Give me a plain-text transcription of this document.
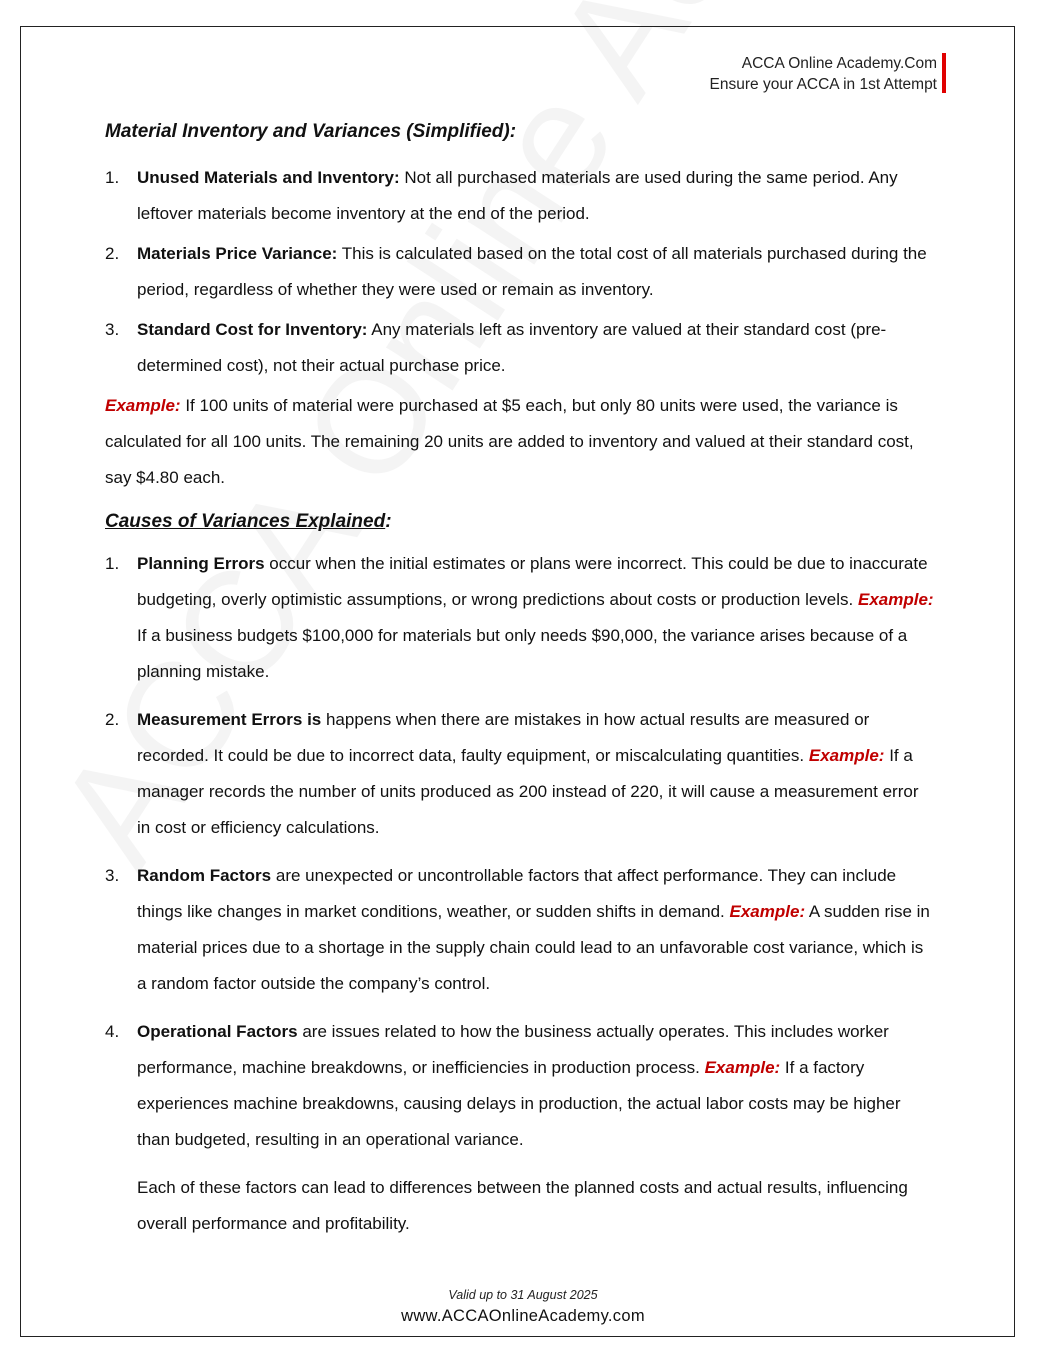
ACCA Online Academy.Com
Ensure your ACCA in 1st Attempt
Material Inventory and Variances (Simplified):
1. Unused Materials and Inventory: Not all purchased materials are used during the same period. Any leftover materials become inventory at the end of the period.
2. Materials Price Variance: This is calculated based on the total cost of all materials purchased during the period, regardless of whether they were used or remain as inventory.
3. Standard Cost for Inventory: Any materials left as inventory are valued at their standard cost (pre-determined cost), not their actual purchase price.

Example: If 100 units of material were purchased at $5 each, but only 80 units were used, the variance is calculated for all 100 units. The remaining 20 units are added to inventory and valued at their standard cost, say $4.80 each.

Causes of Variances Explained:
1. Planning Errors occur when the initial estimates or plans were incorrect. This could be due to inaccurate budgeting, overly optimistic assumptions, or wrong predictions about costs or production levels. Example: If a business budgets $100,000 for materials but only needs $90,000, the variance arises because of a planning mistake.
2. Measurement Errors is happens when there are mistakes in how actual results are measured or recorded. It could be due to incorrect data, faulty equipment, or miscalculating quantities. Example: If a manager records the number of units produced as 200 instead of 220, it will cause a measurement error in cost or efficiency calculations.
3. Random Factors are unexpected or uncontrollable factors that affect performance. They can include things like changes in market conditions, weather, or sudden shifts in demand. Example: A sudden rise in material prices due to a shortage in the supply chain could lead to an unfavorable cost variance, which is a random factor outside the company’s control.
4. Operational Factors are issues related to how the business actually operates. This includes worker performance, machine breakdowns, or inefficiencies in production process. Example: If a factory experiences machine breakdowns, causing delays in production, the actual labor costs may be higher than budgeted, resulting in an operational variance.

Each of these factors can lead to differences between the planned costs and actual results, influencing overall performance and profitability.

Valid up to 31 August 2025
www.ACCAOnlineAcademy.com
